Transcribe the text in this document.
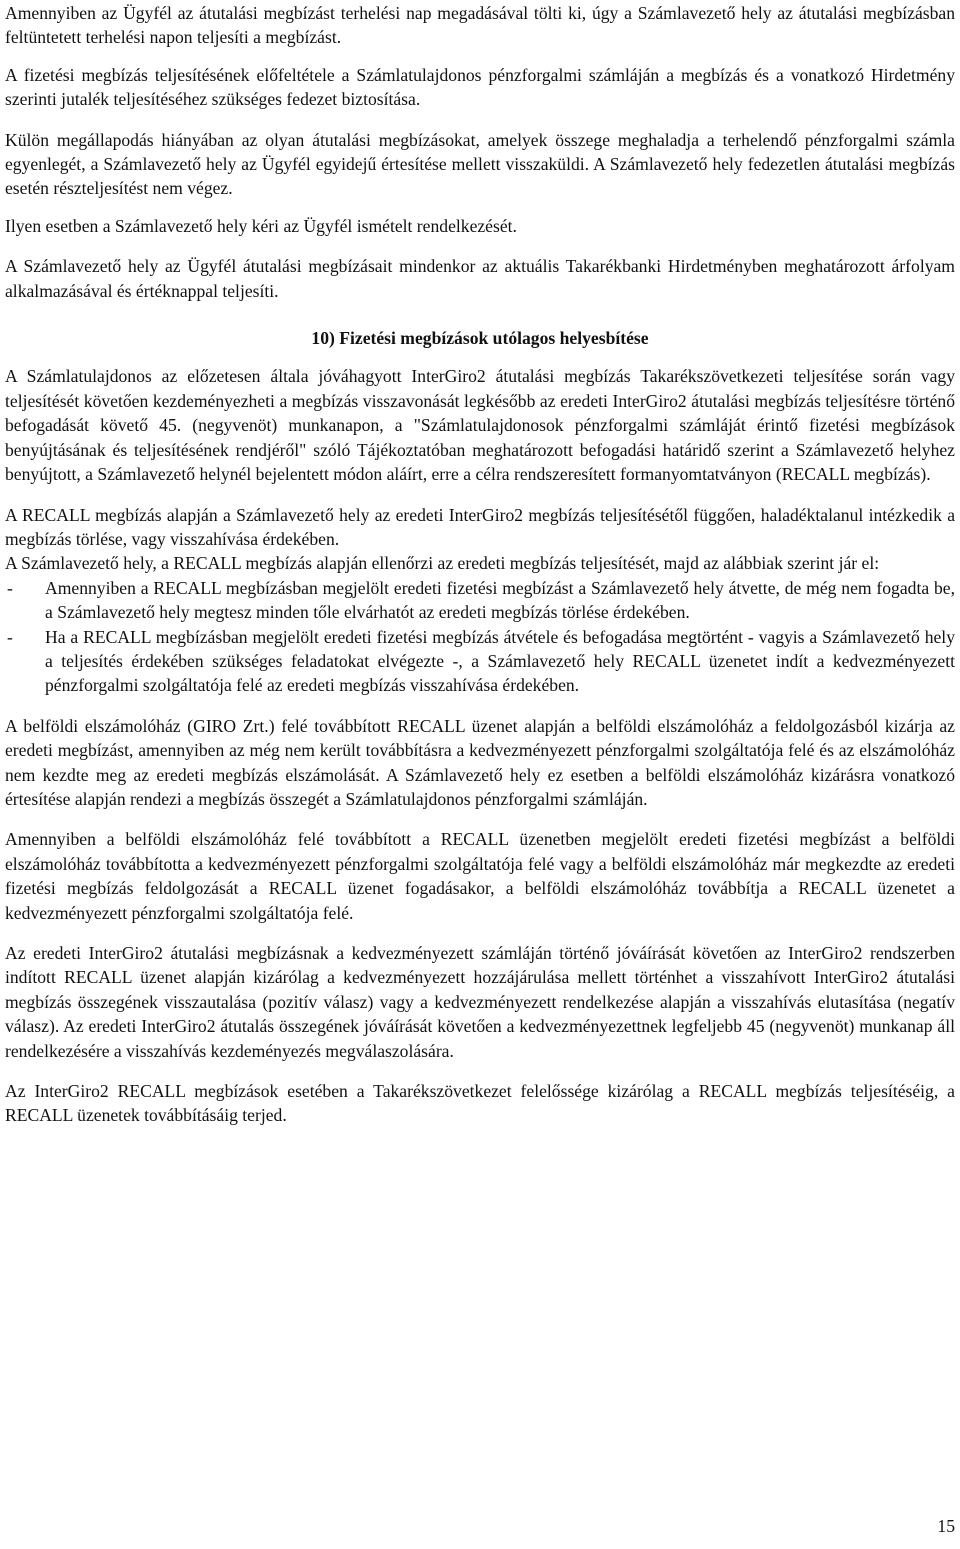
Amennyiben az Ügyfél az átutalási megbízást terhelési nap megadásával tölti ki, úgy a Számlavezető hely az átutalási megbízásban feltüntetett terhelési napon teljesíti a megbízást.

A fizetési megbízás teljesítésének előfeltétele a Számlatulajdonos pénzforgalmi számláján a megbízás és a vonatkozó Hirdetmény szerinti jutalék teljesítéséhez szükséges fedezet biztosítása.

Külön megállapodás hiányában az olyan átutalási megbízásokat, amelyek összege meghaladja a terhelendő pénzforgalmi számla egyenlegét, a Számlavezető hely az Ügyfél egyidejű értesítése mellett visszaküldi. A Számlavezető hely fedezetlen átutalási megbízás esetén részteljesítést nem végez.

Ilyen esetben a Számlavezető hely kéri az Ügyfél ismételt rendelkezését.

A Számlavezető hely az Ügyfél átutalási megbízásait mindenkor az aktuális Takarékbanki Hirdetményben meghatározott árfolyam alkalmazásával és értéknappal teljesíti.

10) Fizetési megbízások utólagos helyesbítése

A Számlatulajdonos az előzetesen általa jóváhagyott InterGiro2 átutalási megbízás Takarékszövetkezeti teljesítése során vagy teljesítését követően kezdeményezheti a megbízás visszavonását legkésőbb az eredeti InterGiro2 átutalási megbízás teljesítésre történő befogadását követő 45. (negyvenöt) munkanapon, a "Számlatulajdonosok pénzforgalmi számláját érintő fizetési megbízások benyújtásának és teljesítésének rendjéről" szóló Tájékoztatóban meghatározott befogadási határidő szerint a Számlavezető helyhez benyújtott, a Számlavezető helynél bejelentett módon aláírt, erre a célra rendszeresített formanyomtatványon (RECALL megbízás).

A RECALL megbízás alapján a Számlavezető hely az eredeti InterGiro2 megbízás teljesítésétől függően, haladéktalanul intézkedik a megbízás törlése, vagy visszahívása érdekében.

A Számlavezető hely, a RECALL megbízás alapján ellenőrzi az eredeti megbízás teljesítését, majd az alábbiak szerint jár el:

-	Amennyiben a RECALL megbízásban megjelölt eredeti fizetési megbízást a Számlavezető hely átvette, de még nem fogadta be, a Számlavezető hely megtesz minden tőle elvárhatót az eredeti megbízás törlése érdekében.
-	Ha a RECALL megbízásban megjelölt eredeti fizetési megbízás átvétele és befogadása megtörtént - vagyis a Számlavezető hely a teljesítés érdekében szükséges feladatokat elvégezte -, a Számlavezető hely RECALL üzenetet indít a kedvezményezett pénzforgalmi szolgáltatója felé az eredeti megbízás visszahívása érdekében.

A belföldi elszámolóház (GIRO Zrt.) felé továbbított RECALL üzenet alapján a belföldi elszámolóház a feldolgozásból kizárja az eredeti megbízást, amennyiben az még nem került továbbításra a kedvezményezett pénzforgalmi szolgáltatója felé és az elszámolóház nem kezdte meg az eredeti megbízás elszámolását. A Számlavezető hely ez esetben a belföldi elszámolóház kizárásra vonatkozó értesítése alapján rendezi a megbízás összegét a Számlatulajdonos pénzforgalmi számláján.

Amennyiben a belföldi elszámolóház felé továbbított a RECALL üzenetben megjelölt eredeti fizetési megbízást a belföldi elszámolóház továbbította a kedvezményezett pénzforgalmi szolgáltatója felé vagy a belföldi elszámolóház már megkezdte az eredeti fizetési megbízás feldolgozását a RECALL üzenet fogadásakor, a belföldi elszámolóház továbbítja a RECALL üzenetet a kedvezményezett pénzforgalmi szolgáltatója felé.

Az eredeti InterGiro2 átutalási megbízásnak a kedvezményezett számláján történő jóváírását követően az InterGiro2 rendszerben indított RECALL üzenet alapján kizárólag a kedvezményezett hozzájárulása mellett történhet a visszahívott InterGiro2 átutalási megbízás összegének visszautalása (pozitív válasz) vagy a kedvezményezett rendelkezése alapján a visszahívás elutasítása (negatív válasz). Az eredeti InterGiro2 átutalás összegének jóváírását követően a kedvezményezettnek legfeljebb 45 (negyvenöt) munkanap áll rendelkezésére a visszahívás kezdeményezés megválaszolására.

Az InterGiro2 RECALL megbízások esetében a Takarékszövetkezet felelőssége kizárólag a RECALL megbízás teljesítéséig, a RECALL üzenetek továbbításáig terjed.

15
